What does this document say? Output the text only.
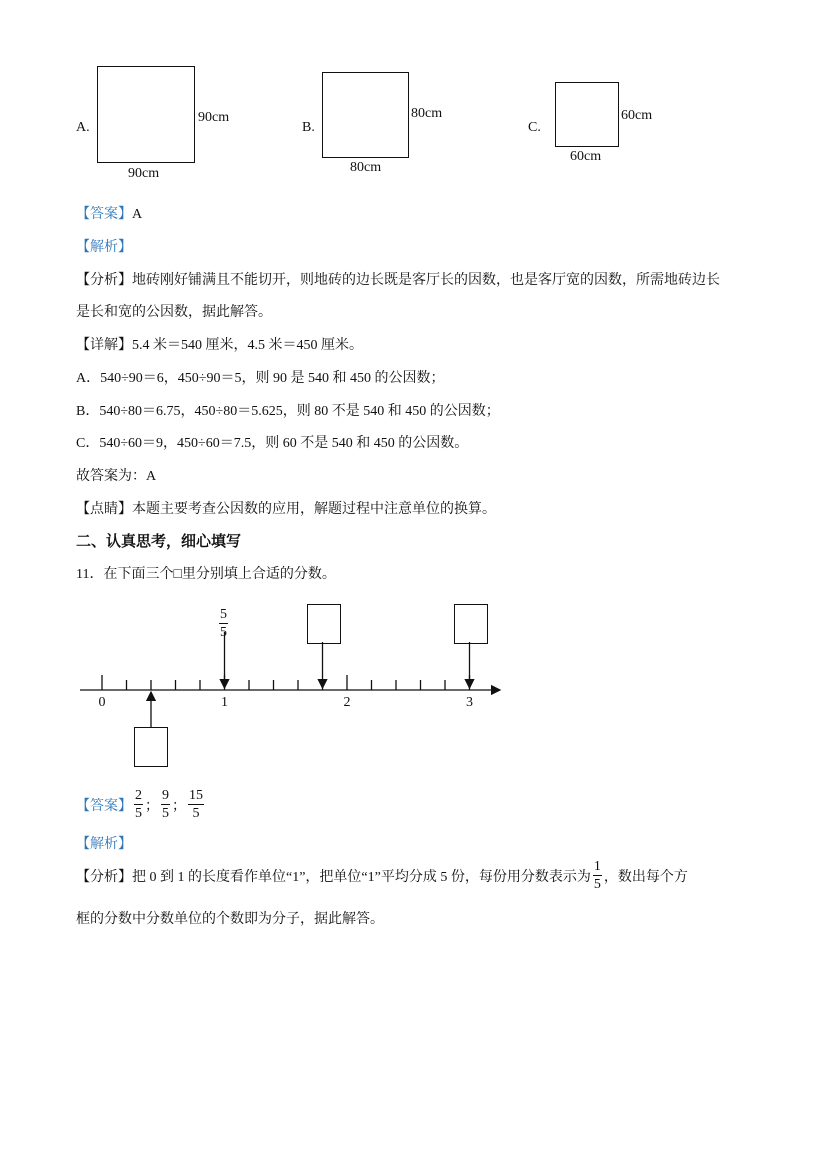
A.
90cm
90cm
B.
80cm
80cm
C.
60cm
60cm
【答案】A
【解析】
【分析】地砖刚好铺满且不能切开，则地砖的边长既是客厅长的因数，也是客厅宽的因数，所需地砖边长
是长和宽的公因数，据此解答。
【详解】5.4 米＝540 厘米，4.5 米＝450 厘米。
A．540÷90＝6，450÷90＝5，则 90 是 540 和 450 的公因数；
B．540÷80＝6.75，450÷80＝5.625，则 80 不是 540 和 450 的公因数；
C．540÷60＝9，450÷60＝7.5，则 60 不是 540 和 450 的公因数。
故答案为：A
【点睛】本题主要考查公因数的应用，解题过程中注意单位的换算。
二、认真思考，细心填写
11．在下面三个□里分别填上合适的分数。
0	1	2	3
$\frac{5}{5}$
【答案】 $\frac{2}{5}$ ； $\frac{9}{5}$ ； $\frac{15}{5}$
【解析】
【分析】 把 0 到 1 的长度看作单位“1”，把单位“1”平均分成 5 份，每份用分数表示为 $\frac{1}{5}$ ，数出每个方
框的分数中分数单位的个数即为分子，据此解答。
